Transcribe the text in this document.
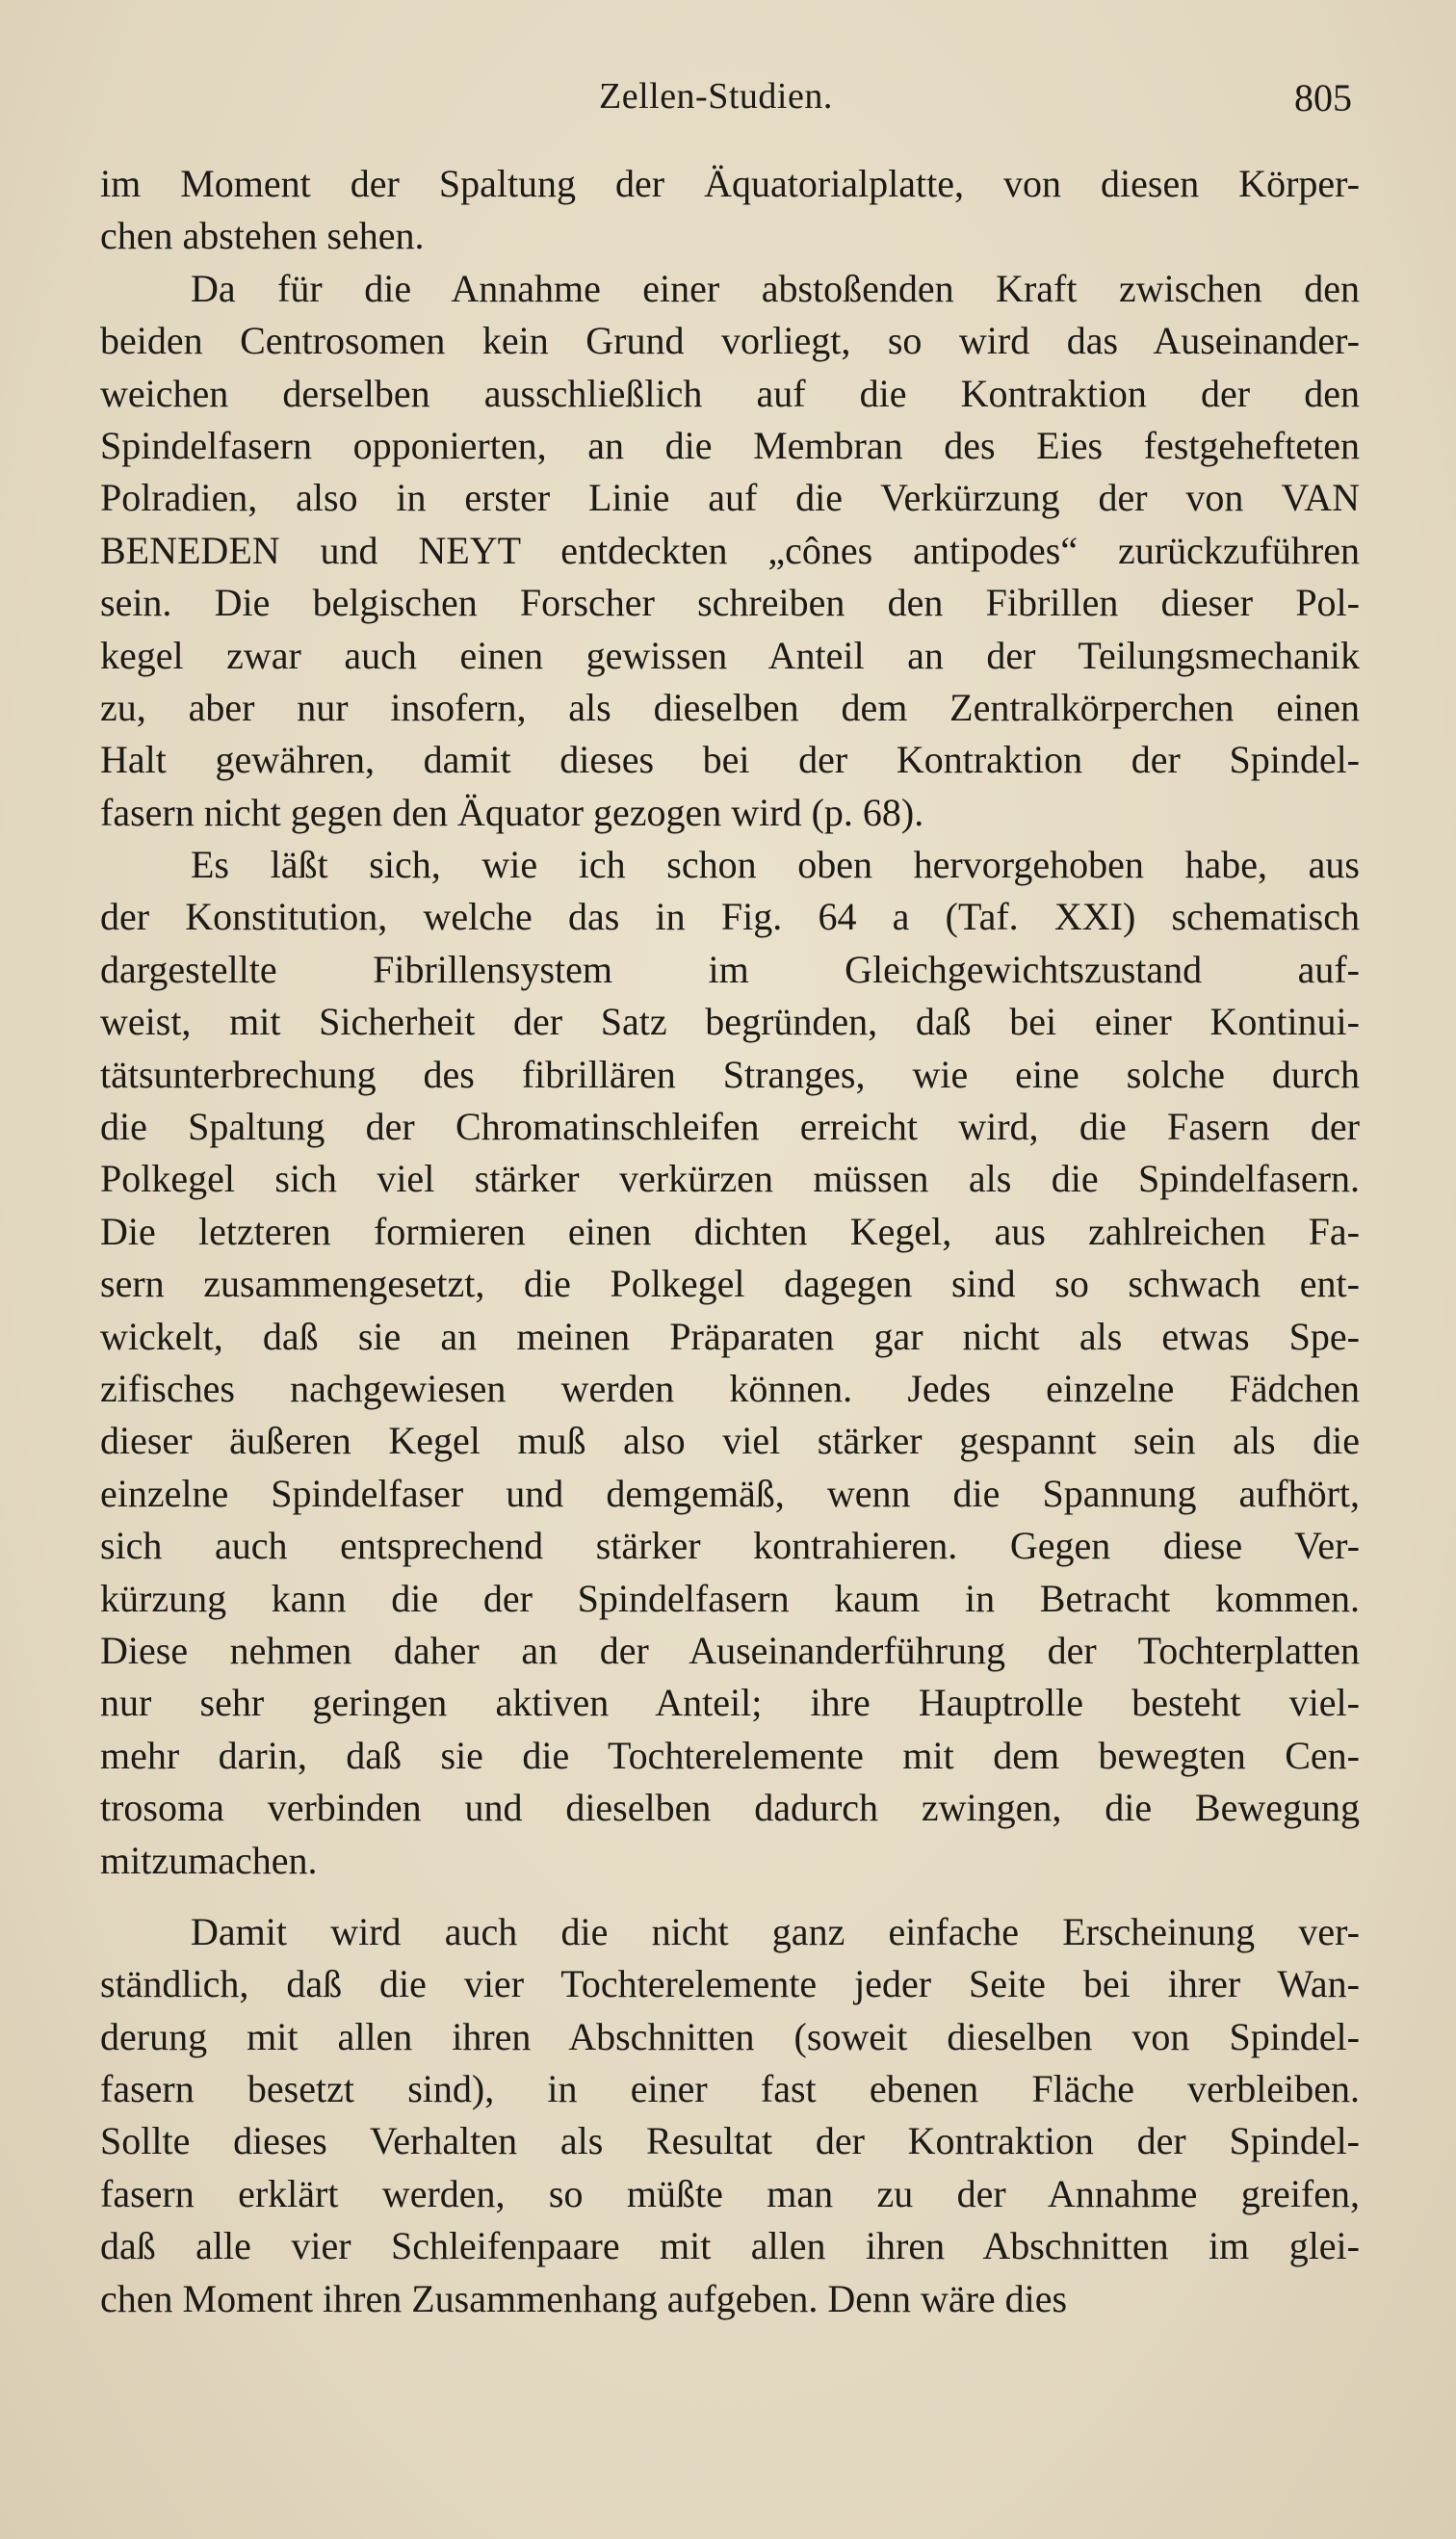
Zellen-Studien.	805
im Moment der Spaltung der Äquatorialplatte, von diesen Körper-
chen abstehen sehen.
Da für die Annahme einer abstoßenden Kraft zwischen den
beiden Centrosomen kein Grund vorliegt, so wird das Auseinander-
weichen derselben ausschließlich auf die Kontraktion der den
Spindelfasern opponierten, an die Membran des Eies festgehefteten
Polradien, also in erster Linie auf die Verkürzung der von VAN
BENEDEN und NEYT entdeckten „cônes antipodes“ zurückzuführen
sein. Die belgischen Forscher schreiben den Fibrillen dieser Pol-
kegel zwar auch einen gewissen Anteil an der Teilungsmechanik
zu, aber nur insofern, als dieselben dem Zentralkörperchen einen
Halt gewähren, damit dieses bei der Kontraktion der Spindel-
fasern nicht gegen den Äquator gezogen wird (p. 68).
Es läßt sich, wie ich schon oben hervorgehoben habe, aus
der Konstitution, welche das in Fig. 64 a (Taf. XXI) schematisch
dargestellte Fibrillensystem im Gleichgewichtszustand auf-
weist, mit Sicherheit der Satz begründen, daß bei einer Kontinui-
tätsunterbrechung des fibrillären Stranges, wie eine solche durch
die Spaltung der Chromatinschleifen erreicht wird, die Fasern der
Polkegel sich viel stärker verkürzen müssen als die Spindelfasern.
Die letzteren formieren einen dichten Kegel, aus zahlreichen Fa-
sern zusammengesetzt, die Polkegel dagegen sind so schwach ent-
wickelt, daß sie an meinen Präparaten gar nicht als etwas Spe-
zifisches nachgewiesen werden können. Jedes einzelne Fädchen
dieser äußeren Kegel muß also viel stärker gespannt sein als die
einzelne Spindelfaser und demgemäß, wenn die Spannung aufhört,
sich auch entsprechend stärker kontrahieren. Gegen diese Ver-
kürzung kann die der Spindelfasern kaum in Betracht kommen.
Diese nehmen daher an der Auseinanderführung der Tochterplatten
nur sehr geringen aktiven Anteil; ihre Hauptrolle besteht viel-
mehr darin, daß sie die Tochterelemente mit dem bewegten Cen-
trosoma verbinden und dieselben dadurch zwingen, die Bewegung
mitzumachen.
Damit wird auch die nicht ganz einfache Erscheinung ver-
ständlich, daß die vier Tochterelemente jeder Seite bei ihrer Wan-
derung mit allen ihren Abschnitten (soweit dieselben von Spindel-
fasern besetzt sind), in einer fast ebenen Fläche verbleiben.
Sollte dieses Verhalten als Resultat der Kontraktion der Spindel-
fasern erklärt werden, so müßte man zu der Annahme greifen,
daß alle vier Schleifenpaare mit allen ihren Abschnitten im glei-
chen Moment ihren Zusammenhang aufgeben. Denn wäre dies
